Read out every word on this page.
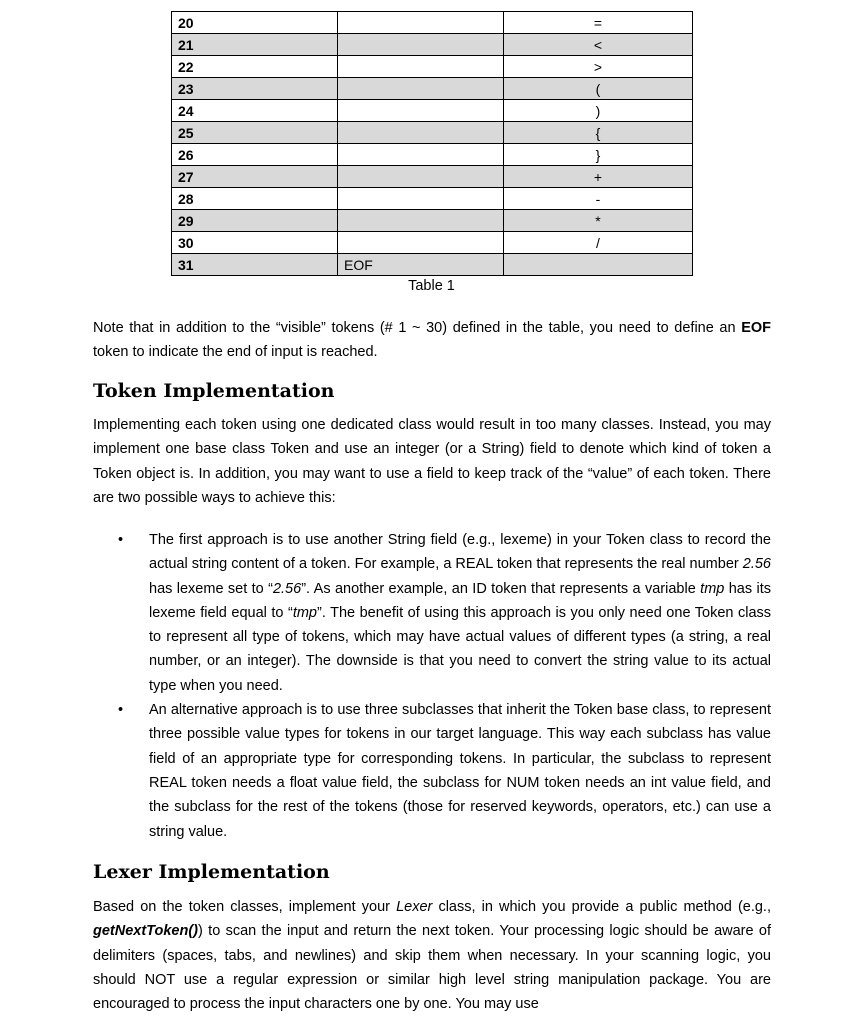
20		=
21		<
22		>
23		(
24		)
25		{
26		}
27		+
28		-
29		*
30		/
31	EOF	
Table 1

Note that in addition to the “visible” tokens (# 1 ~ 30) defined in the table, you need to define an EOF token to indicate the end of input is reached.

Token Implementation

Implementing each token using one dedicated class would result in too many classes. Instead, you may implement one base class Token and use an integer (or a String) field to denote which kind of token a Token object is. In addition, you may want to use a field to keep track of the “value” of each token. There are two possible ways to achieve this:

• The first approach is to use another String field (e.g., lexeme) in your Token class to record the actual string content of a token. For example, a REAL token that represents the real number 2.56 has lexeme set to “2.56”. As another example, an ID token that represents a variable tmp has its lexeme field equal to “tmp”. The benefit of using this approach is you only need one Token class to represent all type of tokens, which may have actual values of different types (a string, a real number, or an integer). The downside is that you need to convert the string value to its actual type when you need.
• An alternative approach is to use three subclasses that inherit the Token base class, to represent three possible value types for tokens in our target language. This way each subclass has value field of an appropriate type for corresponding tokens. In particular, the subclass to represent REAL token needs a float value field, the subclass for NUM token needs an int value field, and the subclass for the rest of the tokens (those for reserved keywords, operators, etc.) can use a string value.
Lexer Implementation

Based on the token classes, implement your Lexer class, in which you provide a public method (e.g., getNextToken()) to scan the input and return the next token. Your processing logic should be aware of delimiters (spaces, tabs, and newlines) and skip them when necessary. In your scanning logic, you should NOT use a regular expression or similar high level string manipulation package. You are encouraged to process the input characters one by one. You may use
